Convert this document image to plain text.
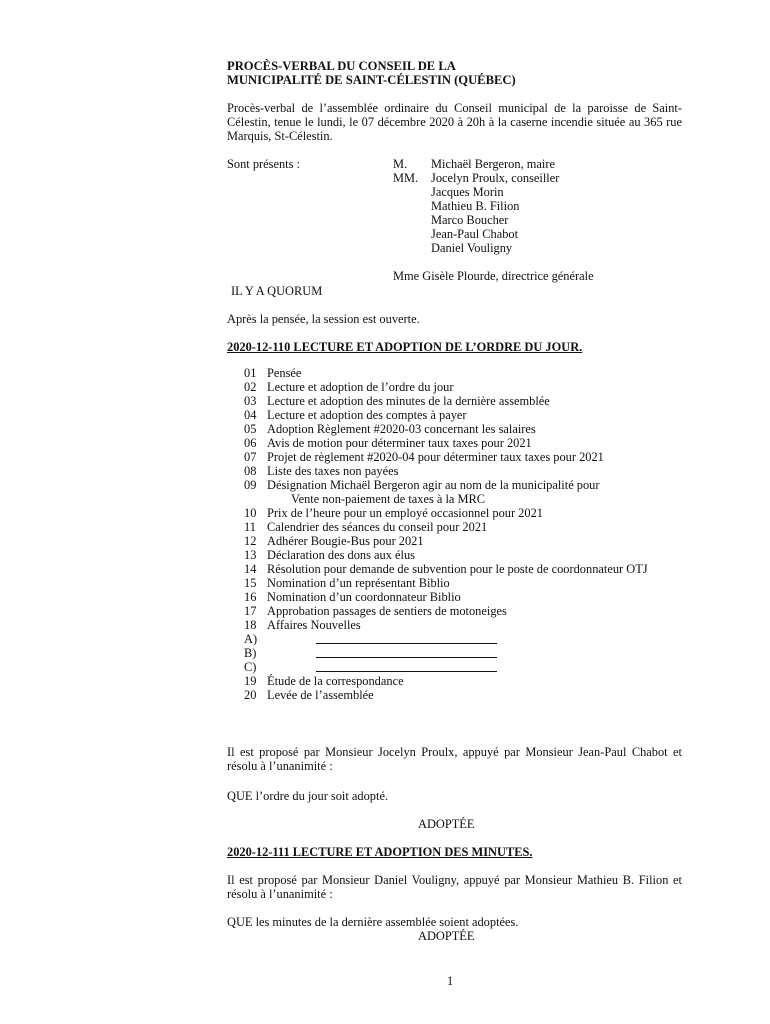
PROCÈS-VERBAL DU CONSEIL DE LA
MUNICIPALITÉ DE SAINT-CÉLESTIN (QUÉBEC)

Procès-verbal de l’assemblée ordinaire du Conseil municipal de la paroisse de Saint-Célestin, tenue le lundi, le 07 décembre 2020 à 20h à la caserne incendie située au 365 rue Marquis, St-Célestin.

Sont présents :	M. Michaël Bergeron, maire
MM. Jocelyn Proulx, conseiller
Jacques Morin
Mathieu B. Filion
Marco Boucher
Jean-Paul Chabot
Daniel Vouligny

Mme Gisèle Plourde, directrice générale

IL Y A QUORUM

Après la pensée, la session est ouverte.

2020-12-110 LECTURE ET ADOPTION DE L’ORDRE DU JOUR.

01 Pensée
02 Lecture et adoption de l’ordre du jour
03 Lecture et adoption des minutes de la dernière assemblée
04 Lecture et adoption des comptes à payer
05 Adoption Règlement #2020-03 concernant les salaires
06 Avis de motion pour déterminer taux taxes pour 2021
07 Projet de règlement #2020-04 pour déterminer taux taxes pour 2021
08 Liste des taxes non payées
09 Désignation Michaël Bergeron agir au nom de la municipalité pour
Vente non-paiement de taxes à la MRC
10 Prix de l’heure pour un employé occasionnel pour 2021
11 Calendrier des séances du conseil pour 2021
12 Adhérer Bougie-Bus pour 2021
13 Déclaration des dons aux élus
14 Résolution pour demande de subvention pour le poste de coordonnateur OTJ
15 Nomination d’un représentant Biblio
16 Nomination d’un coordonnateur Biblio
17 Approbation passages de sentiers de motoneiges
18 Affaires Nouvelles
A)
B)
C)
19 Étude de la correspondance
20 Levée de l’assemblée

Il est proposé par Monsieur Jocelyn Proulx, appuyé par Monsieur Jean-Paul Chabot et résolu à l’unanimité :

QUE l’ordre du jour soit adopté.

ADOPTÉE

2020-12-111 LECTURE ET ADOPTION DES MINUTES.

Il est proposé par Monsieur Daniel Vouligny, appuyé par Monsieur Mathieu B. Filion et résolu à l’unanimité :

QUE les minutes de la dernière assemblée soient adoptées.

ADOPTÉE

1
